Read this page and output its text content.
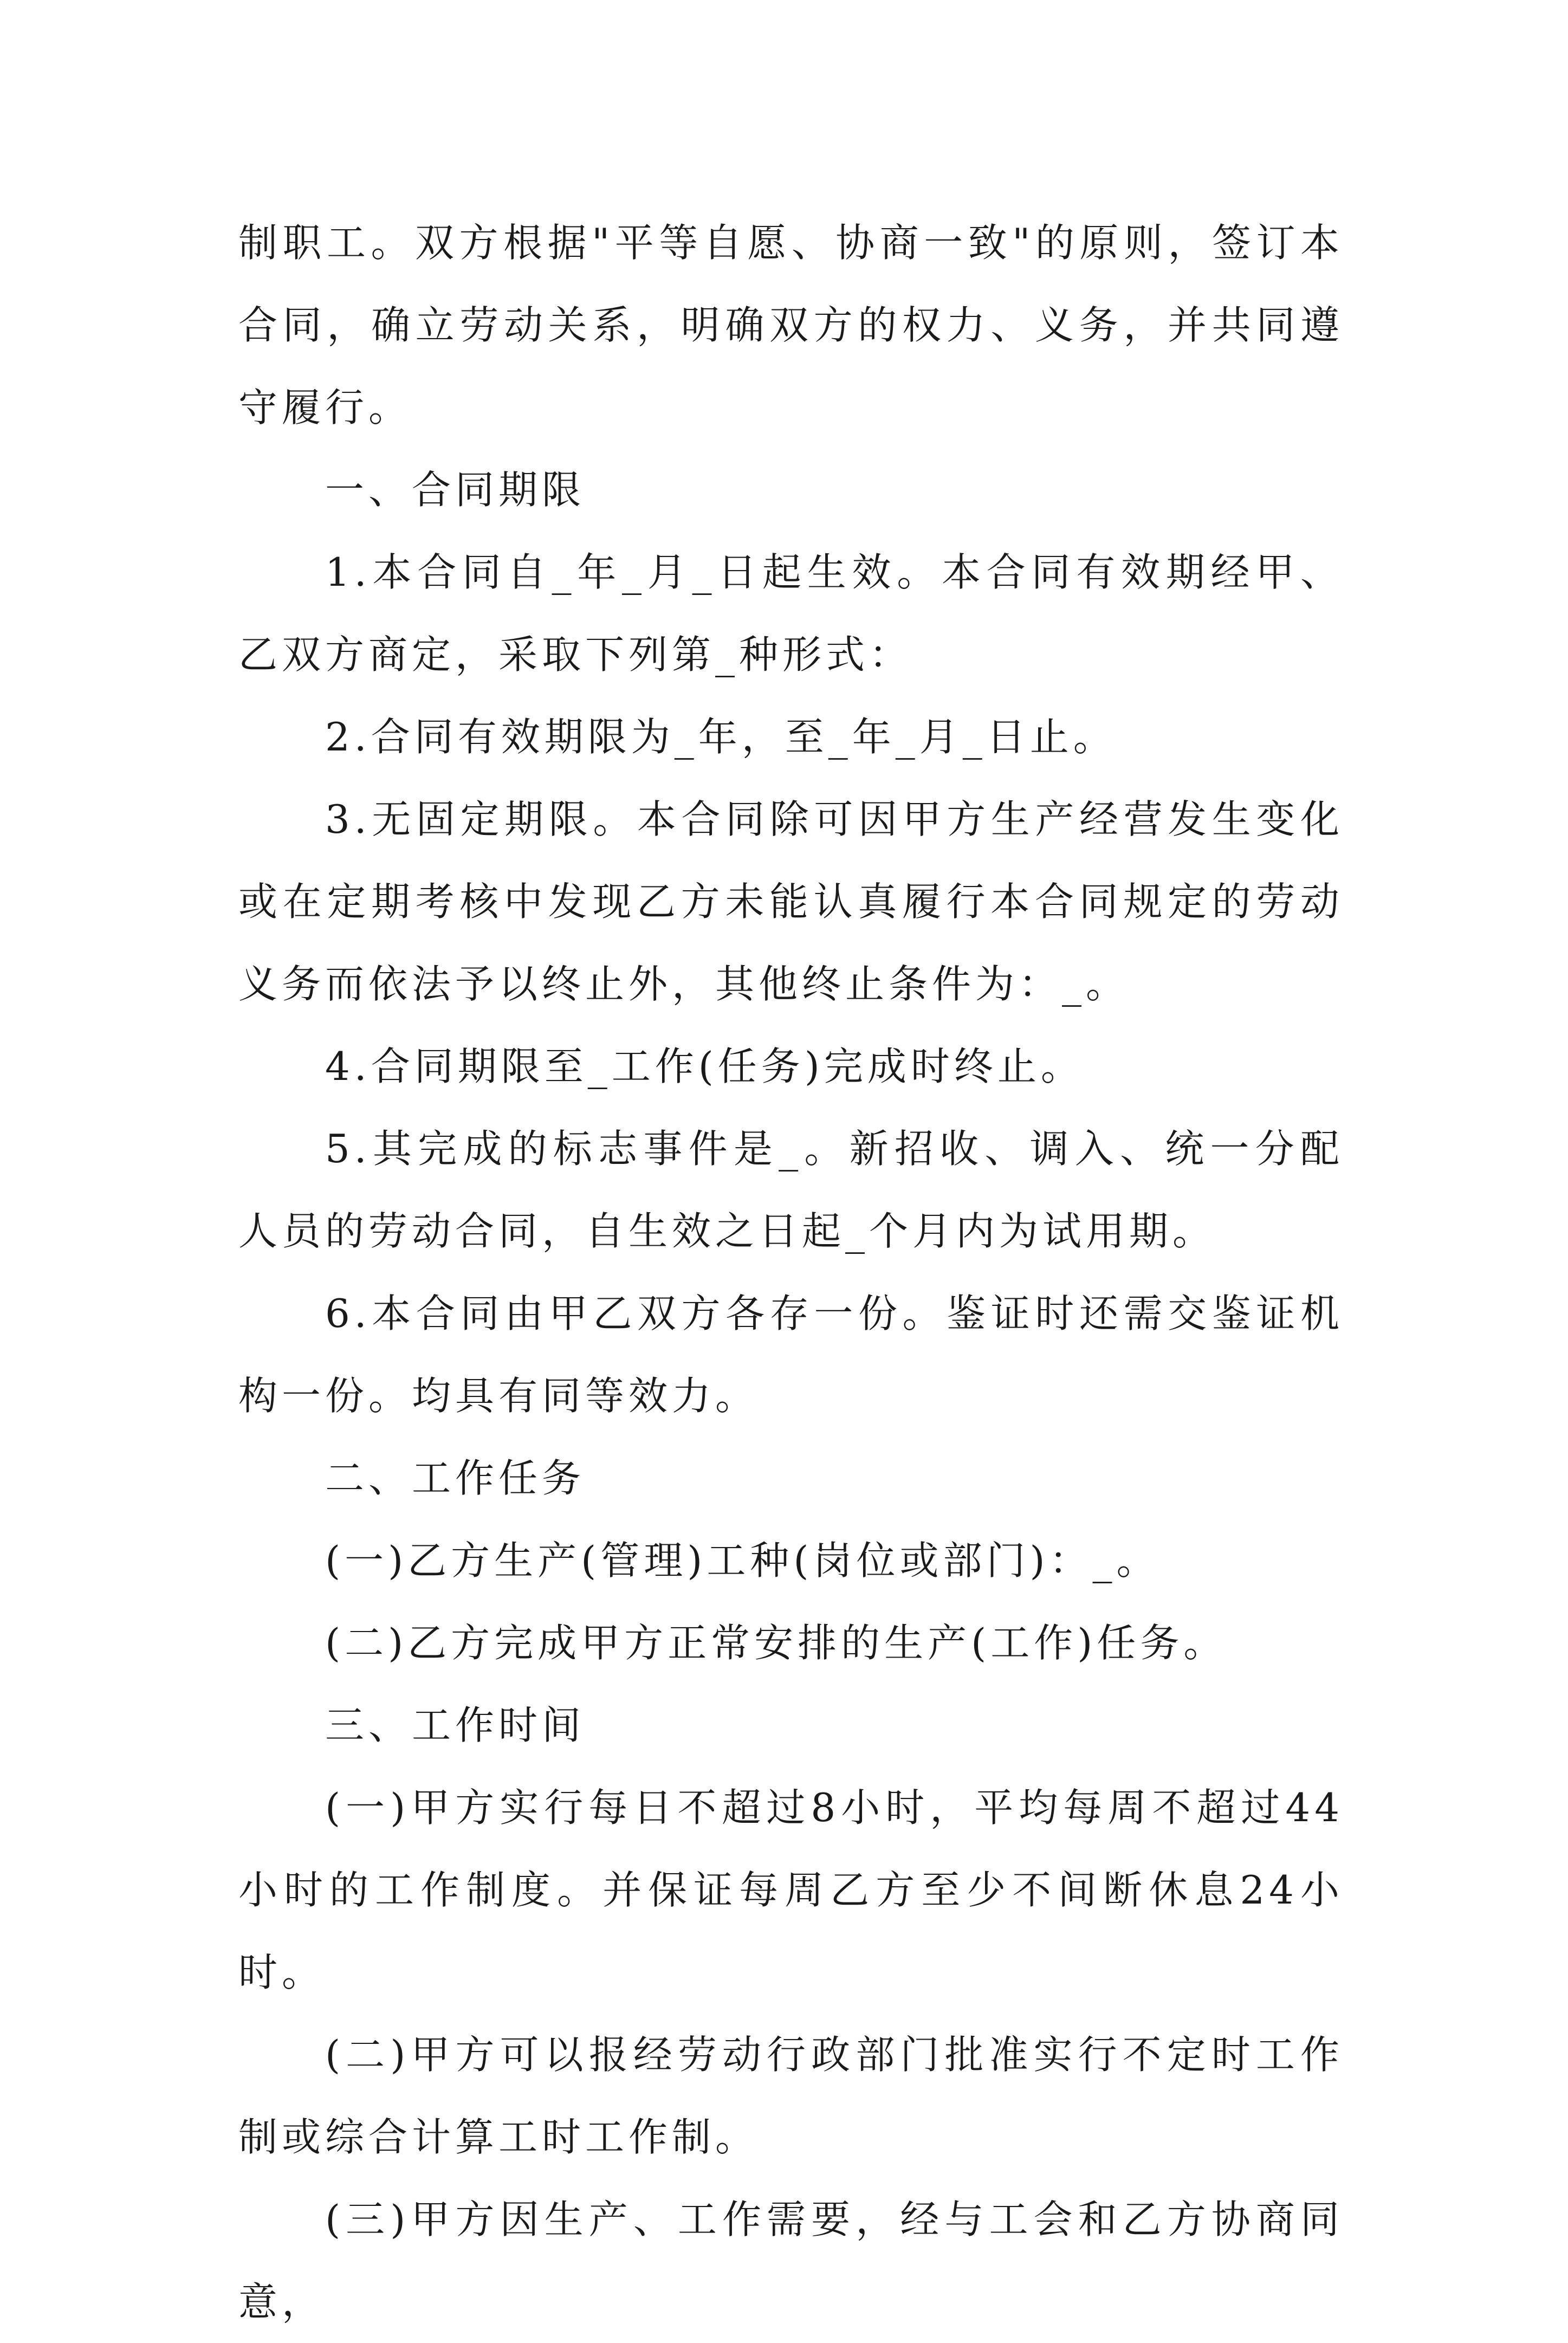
制职工。双方根据"平等自愿、协商一致"的原则，签订本合同，确立劳动关系，明确双方的权力、义务，并共同遵守履行。

一、合同期限

1.本合同自_年_月_日起生效。本合同有效期经甲、乙双方商定，采取下列第_种形式：

2.合同有效期限为_年，至_年_月_日止。

3.无固定期限。本合同除可因甲方生产经营发生变化或在定期考核中发现乙方未能认真履行本合同规定的劳动义务而依法予以终止外，其他终止条件为：_。

4.合同期限至_工作(任务)完成时终止。

5.其完成的标志事件是_。新招收、调入、统一分配人员的劳动合同，自生效之日起_个月内为试用期。

6.本合同由甲乙双方各存一份。鉴证时还需交鉴证机构一份。均具有同等效力。

二、工作任务

(一)乙方生产(管理)工种(岗位或部门)：_。

(二)乙方完成甲方正常安排的生产(工作)任务。

三、工作时间

(一)甲方实行每日不超过8小时，平均每周不超过44小时的工作制度。并保证每周乙方至少不间断休息24小时。

(二)甲方可以报经劳动行政部门批准实行不定时工作制或综合计算工时工作制。

(三)甲方因生产、工作需要，经与工会和乙方协商同意，
